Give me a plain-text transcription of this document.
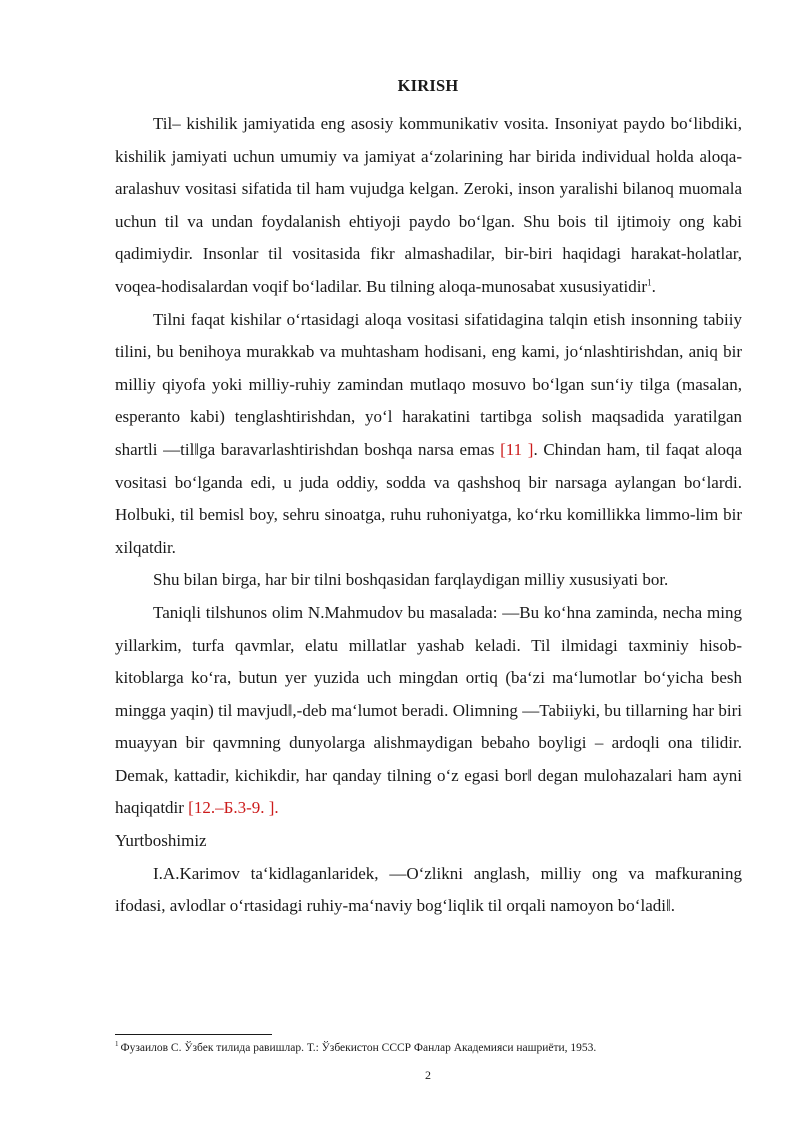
KIRISH

Til– kishilik jamiyatida eng asosiy kommunikativ vosita. Insoniyat paydo bo‘libdiki, kishilik jamiyati uchun umumiy va jamiyat a‘zolarining har birida individual holda aloqa-aralashuv vositasi sifatida til ham vujudga kelgan. Zeroki, inson yaralishi bilanoq muomala uchun til va undan foydalanish ehtiyoji paydo bo‘lgan. Shu bois til ijtimoiy ong kabi qadimiydir. Insonlar til vositasida fikr almashadilar, bir-biri haqidagi harakat-holatlar, voqea-hodisalardan voqif bo‘ladilar. Bu tilning aloqa-munosabat xususiyatidir$^1$.

Tilni faqat kishilar o‘rtasidagi aloqa vositasi sifatidagina talqin etish insonning tabiiy tilini, bu benihoya murakkab va muhtasham hodisani, eng kami, jo‘nlashtirishdan, aniq bir milliy qiyofa yoki milliy-ruhiy zamindan mutlaqo mosuvo bo‘lgan sun‘iy tilga (masalan, esperanto kabi) tenglashtirishdan, yo‘l harakatini tartibga solish maqsadida yaratilgan shartli ―til‖ga baravarlashtirishdan boshqa narsa emas [11 ]. Chindan ham, til faqat aloqa vositasi bo‘lganda edi, u juda oddiy, sodda va qashshoq bir narsaga aylangan bo‘lardi. Holbuki, til bemisl boy, sehru sinoatga, ruhu ruhoniyatga, ko‘rku komillikka limmo-lim bir xilqatdir.

Shu bilan birga, har bir tilni boshqasidan farqlaydigan milliy xususiyati bor.

Taniqli tilshunos olim N.Mahmudov bu masalada: ―Bu ko‘hna zaminda, necha ming yillarkim, turfa qavmlar, elatu millatlar yashab keladi. Til ilmidagi taxminiy hisob-kitoblarga ko‘ra, butun yer yuzida uch mingdan ortiq (ba‘zi ma‘lumotlar bo‘yicha besh mingga yaqin) til mavjud‖,-deb ma‘lumot beradi. Olimning ―Tabiiyki, bu tillarning har biri muayyan bir qavmning dunyolarga alishmaydigan bebaho boyligi – ardoqli ona tilidir. Demak, kattadir, kichikdir, har qanday tilning o‘z egasi bor‖ degan mulohazalari ham ayni haqiqatdir [12.–Б.3-9. ].

Yurtboshimiz

I.A.Karimov ta‘kidlaganlaridek, ―O‘zlikni anglash, milliy ong va mafkuraning ifodasi, avlodlar o‘rtasidagi ruhiy-ma‘naviy bog‘liqlik til orqali namoyon bo‘ladi‖.

$^1$ Фузаилов С. Ўзбек тилида равишлар. Т.: Ўзбекистон СССР Фанлар Академияси нашриёти, 1953.
2
